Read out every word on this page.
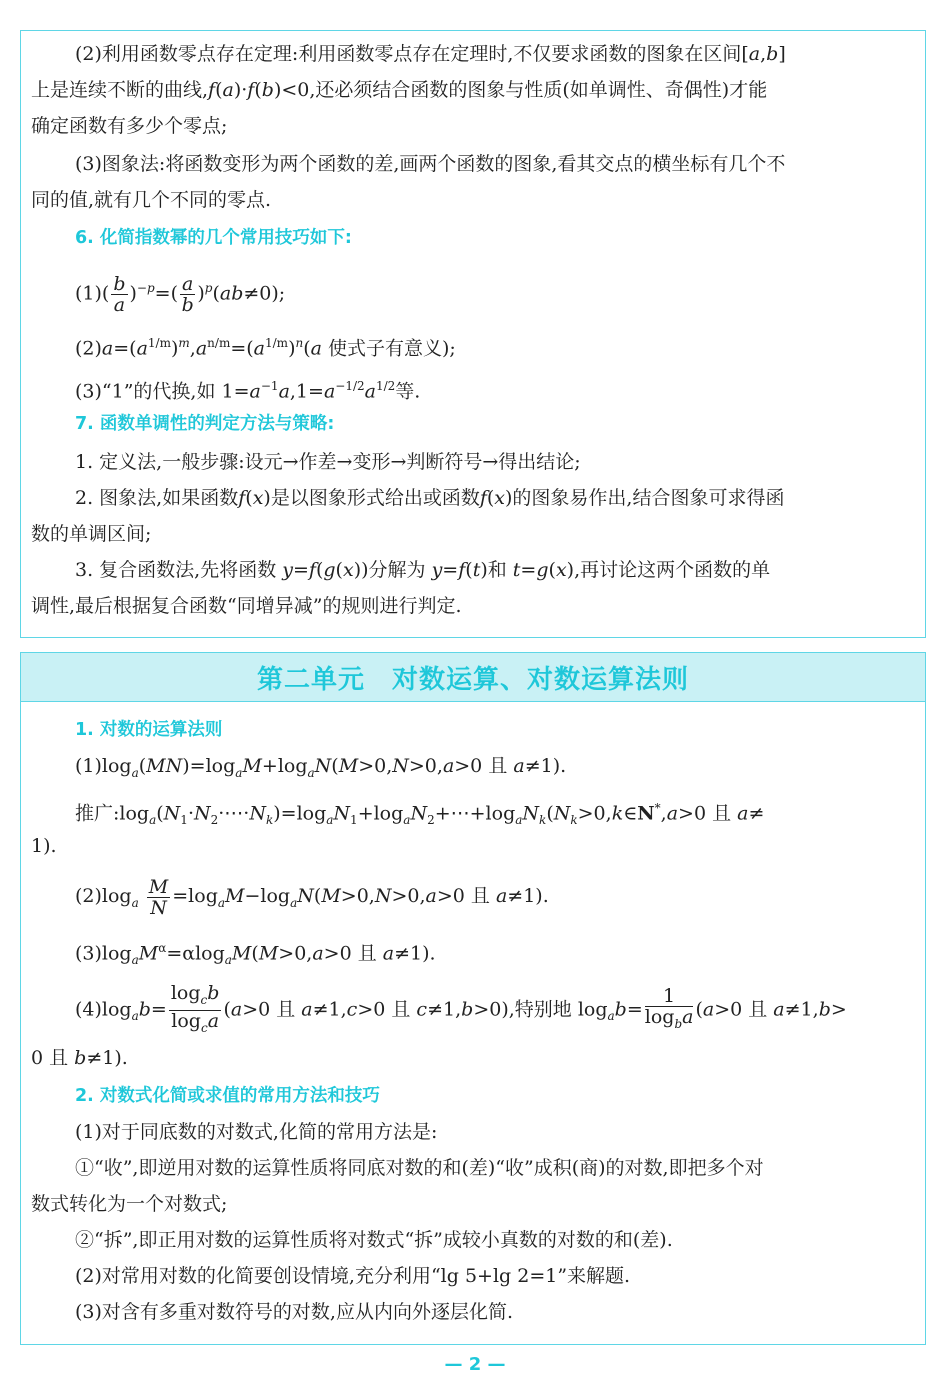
(2)利用函数零点存在定理:利用函数零点存在定理时,不仅要求函数的图象在区间[a,b]

上是连续不断的曲线,f(a)·f(b)<0,还必须结合函数的图象与性质(如单调性、奇偶性)才能

确定函数有多少个零点;

(3)图象法:将函数变形为两个函数的差,画两个函数的图象,看其交点的横坐标有几个不

同的值,就有几个不同的零点.

6. 化简指数幂的几个常用技巧如下:

$(1)( \frac{b}{a} )^{-p}=( \frac{a}{b} )^p(ab\ne 0)$;

$(2)a=(a^{1/m})^m,a^{n/m}=(a^{1/m})^n(a$ 使式子有意义);

(3)“1”的代换,如 $1=a^{-1}a,1=a^{-1/2}a^{1/2}$等.

7. 函数单调性的判定方法与策略:

1. 定义法,一般步骤:设元→作差→变形→判断符号→得出结论;

2. 图象法,如果函数f(x)是以图象形式给出或函数f(x)的图象易作出,结合图象可求得函

数的单调区间;

3. 复合函数法,先将函数 y=f(g(x))分解为 y=f(t)和 t=g(x),再讨论这两个函数的单

调性,最后根据复合函数“同增异减”的规则进行判定.

第二单元　对数运算、对数运算法则

1. 对数的运算法则

$(1)\log_a(MN)=\log_aM+\log_aN(M>0,N>0,a>0$ 且 a≠1).

推广$:\log_a(N_1\cdot N_2\cdot\cdots\cdot N_k)=\log_aN_1+\log_aN_2+\cdots+\log_aN_k(N_k>0,k\in N^*,a>0$ 且 a≠

1).

$(2)\log_a \frac{M}{N} =\log_aM-\log_aN(M>0,N>0,a>0$ 且 a≠1).

$(3)\log_aM^\alpha=\alpha\log_aM(M>0,a>0$ 且 a≠1).

$(4)\log_ab= \frac{\log_cb}{\log_ca} (a>0$ 且 a≠1,c>0 且 c≠1,b>0),特别地 $\log_ab= \frac{1}{\log_ba} (a>0$ 且 a≠1,b>

0 且 b≠1).

2. 对数式化简或求值的常用方法和技巧

(1)对于同底数的对数式,化简的常用方法是:

①“收”,即逆用对数的运算性质将同底对数的和(差)“收”成积(商)的对数,即把多个对

数式转化为一个对数式;

②“拆”,即正用对数的运算性质将对数式“拆”成较小真数的对数的和(差).

(2)对常用对数的化简要创设情境,充分利用“lg 5+lg 2=1”来解题.

(3)对含有多重对数符号的对数,应从内向外逐层化简.

— 2 —
